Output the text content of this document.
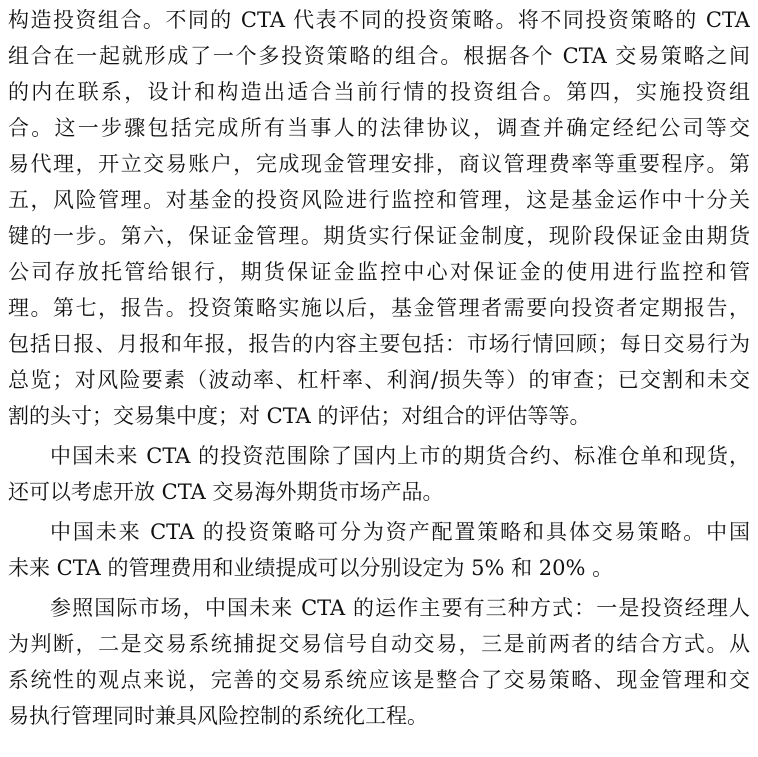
构造投资组合。不同的 CTA 代表不同的投资策略。将不同投资策略的 CTA
组合在一起就形成了一个多投资策略的组合。根据各个 CTA 交易策略之间
的内在联系，设计和构造出适合当前行情的投资组合。第四，实施投资组
合。这一步骤包括完成所有当事人的法律协议，调查并确定经纪公司等交
易代理，开立交易账户，完成现金管理安排，商议管理费率等重要程序。第
五，风险管理。对基金的投资风险进行监控和管理，这是基金运作中十分关
键的一步。第六，保证金管理。期货实行保证金制度，现阶段保证金由期货
公司存放托管给银行，期货保证金监控中心对保证金的使用进行监控和管
理。第七，报告。投资策略实施以后，基金管理者需要向投资者定期报告，
包括日报、月报和年报，报告的内容主要包括：市场行情回顾；每日交易行为
总览；对风险要素（波动率、杠杆率、利润/损失等）的审查；已交割和未交
割的头寸；交易集中度；对 CTA 的评估；对组合的评估等等。
中国未来 CTA 的投资范围除了国内上市的期货合约、标准仓单和现货，
还可以考虑开放 CTA 交易海外期货市场产品。
中国未来 CTA 的投资策略可分为资产配置策略和具体交易策略。中国
未来 CTA 的管理费用和业绩提成可以分别设定为 5% 和 20% 。
参照国际市场，中国未来 CTA 的运作主要有三种方式：一是投资经理人
为判断，二是交易系统捕捉交易信号自动交易，三是前两者的结合方式。从
系统性的观点来说，完善的交易系统应该是整合了交易策略、现金管理和交
易执行管理同时兼具风险控制的系统化工程。
